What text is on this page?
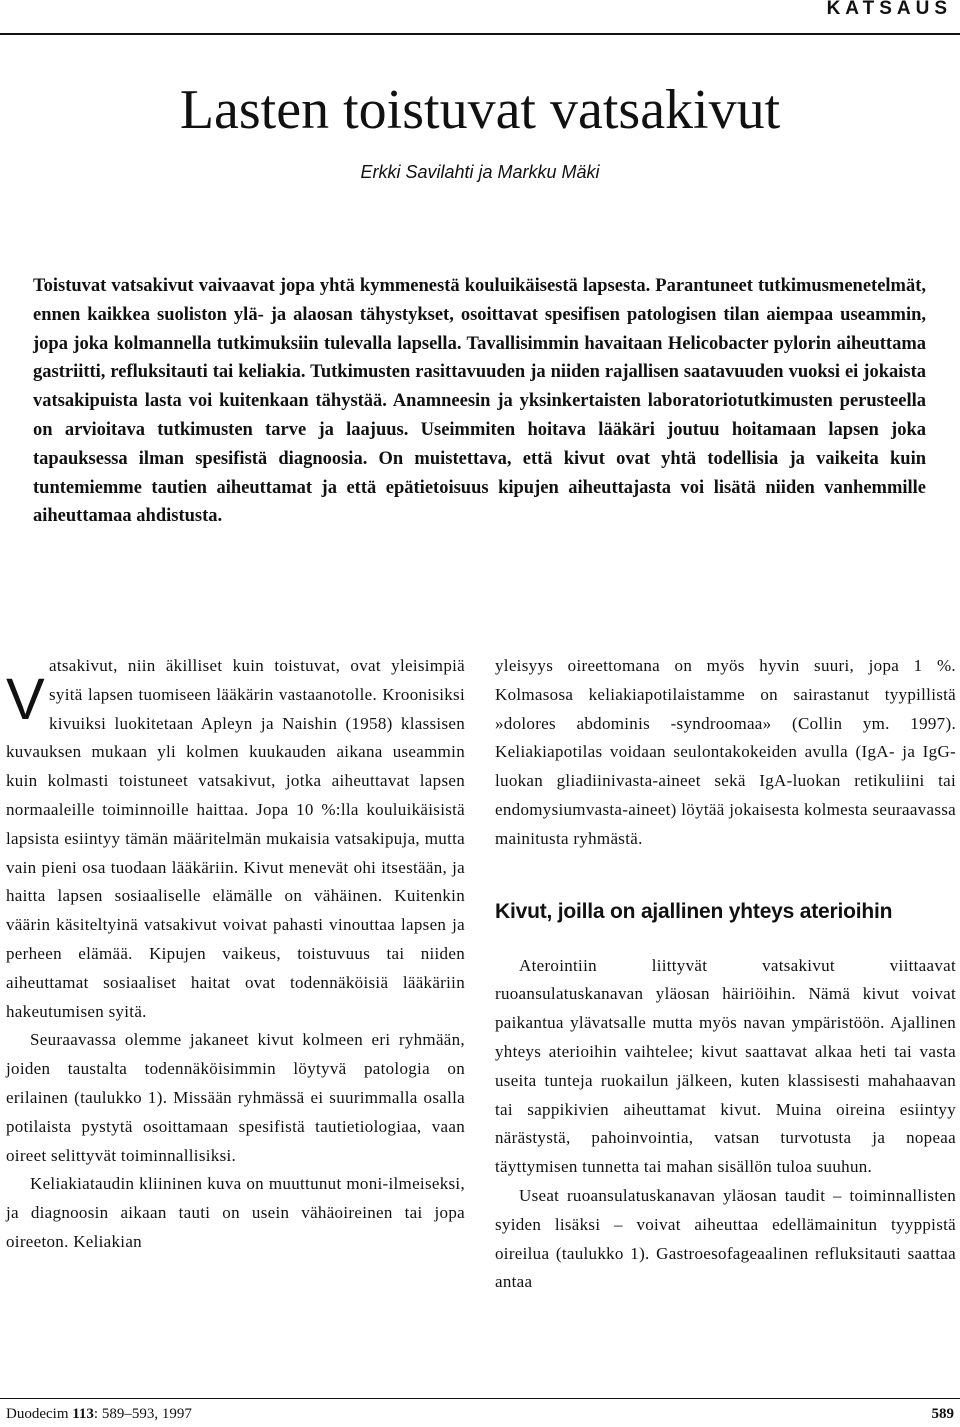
KATSAUS
Lasten toistuvat vatsakivut
Erkki Savilahti ja Markku Mäki

Toistuvat vatsakivut vaivaavat jopa yhtä kymmenestä kouluikäisestä lapsesta. Parantuneet tutkimusmenetelmät, ennen kaikkea suoliston ylä- ja alaosan tähystykset, osoittavat spesifisen patologisen tilan aiempaa useammin, jopa joka kolmannella tutkimuksiin tulevalla lapsella. Tavallisimmin havaitaan Helicobacter pylorin aiheuttama gastriitti, refluksitauti tai keliakia. Tutkimusten rasittavuuden ja niiden rajallisen saatavuuden vuoksi ei jokaista vatsakipuista lasta voi kuitenkaan tähystää. Anamneesin ja yksinkertaisten laboratoriotutkimusten perusteella on arvioitava tutkimusten tarve ja laajuus. Useimmiten hoitava lääkäri joutuu hoitamaan lapsen joka tapauksessa ilman spesifistä diagnoosia. On muistettava, että kivut ovat yhtä todellisia ja vaikeita kuin tuntemiemme tautien aiheuttamat ja että epätietoisuus kipujen aiheuttajasta voi lisätä niiden vanhemmille aiheuttamaa ahdistusta.

V
atsakivut, niin äkilliset kuin toistuvat, ovat yleisimpiä syitä lapsen tuomiseen lääkärin vastaanotolle. Kroonisiksi kivuiksi luokitetaan Apleyn ja Naishin (1958) klassisen kuvauksen mukaan yli kolmen kuukauden aikana useammin kuin kolmasti toistuneet vatsakivut, jotka aiheuttavat lapsen normaaleille toiminnoille haittaa. Jopa 10 %:lla kouluikäisistä lapsista esiintyy tämän määritelmän mukaisia vatsakipuja, mutta vain pieni osa tuodaan lääkäriin. Kivut menevät ohi itsestään, ja haitta lapsen sosiaaliselle elämälle on vähäinen. Kuitenkin väärin käsiteltyinä vatsakivut voivat pahasti vinouttaa lapsen ja perheen elämää. Kipujen vaikeus, toistuvuus tai niiden aiheuttamat sosiaaliset haitat ovat todennäköisiä lääkäriin hakeutumisen syitä.

Seuraavassa olemme jakaneet kivut kolmeen eri ryhmään, joiden taustalta todennäköisimmin löytyvä patologia on erilainen (taulukko 1). Missään ryhmässä ei suurimmalla osalla potilaista pystytä osoittamaan spesifistä tautietiologiaa, vaan oireet selittyvät toiminnallisiksi.

Keliakiataudin kliininen kuva on muuttunut moni-ilmeiseksi, ja diagnoosin aikaan tauti on usein vähäoireinen tai jopa oireeton. Keliakian

yleisyys oireettomana on myös hyvin suuri, jopa 1 %. Kolmasosa keliakiapotilaistamme on sairastanut tyypillistä »dolores abdominis -syndroomaa» (Collin ym. 1997). Keliakiapotilas voidaan seulontakokeiden avulla (IgA- ja IgG-luokan gliadiinivasta-aineet sekä IgA-luokan retikuliini tai endomysiumvasta-aineet) löytää jokaisesta kolmesta seuraavassa mainitusta ryhmästä.

Kivut, joilla on ajallinen yhteys aterioihin

Aterointiin liittyvät vatsakivut viittaavat ruoansulatuskanavan yläosan häiriöihin. Nämä kivut voivat paikantua ylävatsalle mutta myös navan ympäristöön. Ajallinen yhteys aterioihin vaihtelee; kivut saattavat alkaa heti tai vasta useita tunteja ruokailun jälkeen, kuten klassisesti mahahaavan tai sappikivien aiheuttamat kivut. Muina oireina esiintyy närästystä, pahoinvointia, vatsan turvotusta ja nopeaa täyttymisen tunnetta tai mahan sisällön tuloa suuhun.

Useat ruoansulatuskanavan yläosan taudit – toiminnallisten syiden lisäksi – voivat aiheuttaa edellämainitun tyyppistä oireilua (taulukko 1). Gastroesofageaalinen refluksitauti saattaa antaa

Duodecim 113: 589–593, 1997	589
